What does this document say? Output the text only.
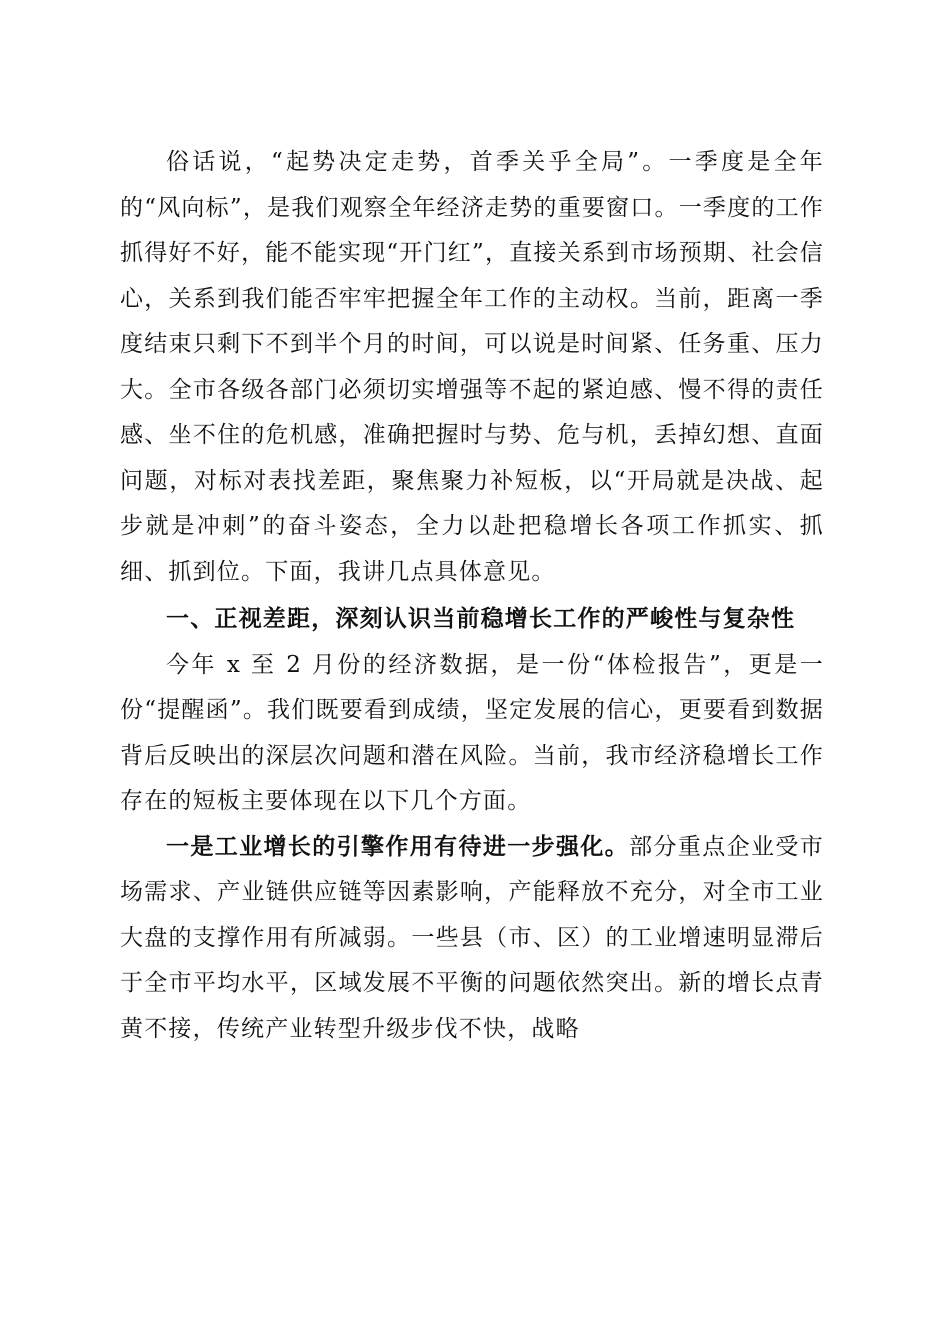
俗话说，“起势决定走势，首季关乎全局”。一季度是全年的“风向标”，是我们观察全年经济走势的重要窗口。一季度的工作抓得好不好，能不能实现“开门红”，直接关系到市场预期、社会信心，关系到我们能否牢牢把握全年工作的主动权。当前，距离一季度结束只剩下不到半个月的时间，可以说是时间紧、任务重、压力大。全市各级各部门必须切实增强等不起的紧迫感、慢不得的责任感、坐不住的危机感，准确把握时与势、危与机，丢掉幻想、直面问题，对标对表找差距，聚焦聚力补短板，以“开局就是决战、起步就是冲刺”的奋斗姿态，全力以赴把稳增长各项工作抓实、抓细、抓到位。下面，我讲几点具体意见。

一、正视差距，深刻认识当前稳增长工作的严峻性与复杂性

今年 x 至 2 月份的经济数据，是一份“体检报告”，更是一份“提醒函”。我们既要看到成绩，坚定发展的信心，更要看到数据背后反映出的深层次问题和潜在风险。当前，我市经济稳增长工作存在的短板主要体现在以下几个方面。

一是工业增长的引擎作用有待进一步强化。部分重点企业受市场需求、产业链供应链等因素影响，产能释放不充分，对全市工业大盘的支撑作用有所减弱。一些县（市、区）的工业增速明显滞后于全市平均水平，区域发展不平衡的问题依然突出。新的增长点青黄不接，传统产业转型升级步伐不快，战略
